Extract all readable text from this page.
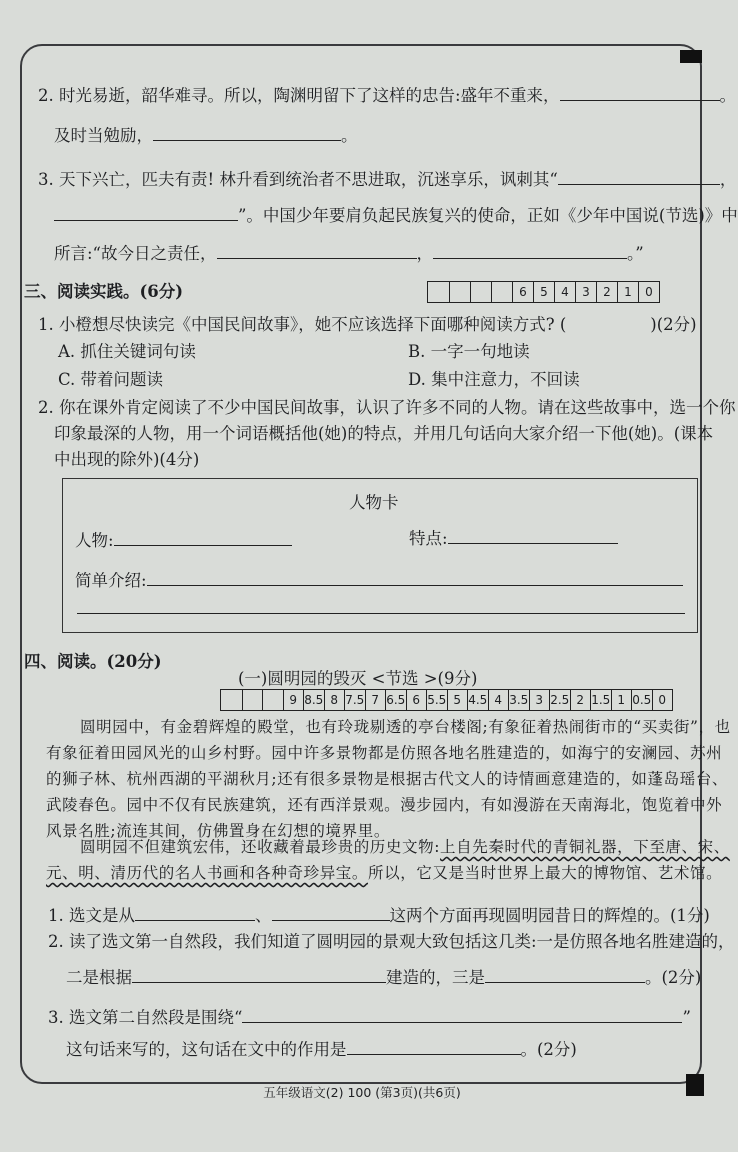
2. 时光易逝，韶华难寻。所以，陶渊明留下了这样的忠告:盛年不重来，	。
及时当勉励，	。
3. 天下兴亡，匹夫有责! 林升看到统治者不思进取，沉迷享乐，讽刺其“	，
”。中国少年要肩负起民族复兴的使命，正如《少年中国说(节选)》中
所言:“故今日之责任，	，	。”
三、阅读实践。(6分)	6	5	4	3	2	1	0
1. 小橙想尽快读完《中国民间故事》，她不应该选择下面哪种阅读方式? (	)(2分)
A. 抓住关键词句读	B. 一字一句地读
C. 带着问题读	D. 集中注意力，不回读
2. 你在课外肯定阅读了不少中国民间故事，认识了许多不同的人物。请在这些故事中，选一个你
印象最深的人物，用一个词语概括他(她)的特点，并用几句话向大家介绍一下他(她)。(课本
中出现的除外)(4分)
人物卡
人物:	特点:
简单介绍:
四、阅读。(20分)
(一)圆明园的毁灭 <节选 >(9分)
9 8.5 8 7.5 7 6.5 6 5.5 5 4.5 4 3.5 3 2.5 2 1.5 1 0.5 0
圆明园中，有金碧辉煌的殿堂，也有玲珑剔透的亭台楼阁;有象征着热闹街市的“买卖街”，也
有象征着田园风光的山乡村野。园中许多景物都是仿照各地名胜建造的，如海宁的安澜园、苏州
的狮子林、杭州西湖的平湖秋月;还有很多景物是根据古代文人的诗情画意建造的，如蓬岛瑶台、
武陵春色。园中不仅有民族建筑，还有西洋景观。漫步园内，有如漫游在天南海北，饱览着中外
风景名胜;流连其间，仿佛置身在幻想的境界里。
圆明园不但建筑宏伟，还收藏着最珍贵的历史文物:上自先秦时代的青铜礼器，下至唐、宋、
元、明、清历代的名人书画和各种奇珍异宝。所以，它又是当时世界上最大的博物馆、艺术馆。
1. 选文是从	、	这两个方面再现圆明园昔日的辉煌的。(1分)
2. 读了选文第一自然段，我们知道了圆明园的景观大致包括这几类:一是仿照各地名胜建造的，
二是根据	建造的，三是	。(2分)
3. 选文第二自然段是围绕“	”
这句话来写的，这句话在文中的作用是	。(2分)
五年级语文(2) 100 (第3页)(共6页)
